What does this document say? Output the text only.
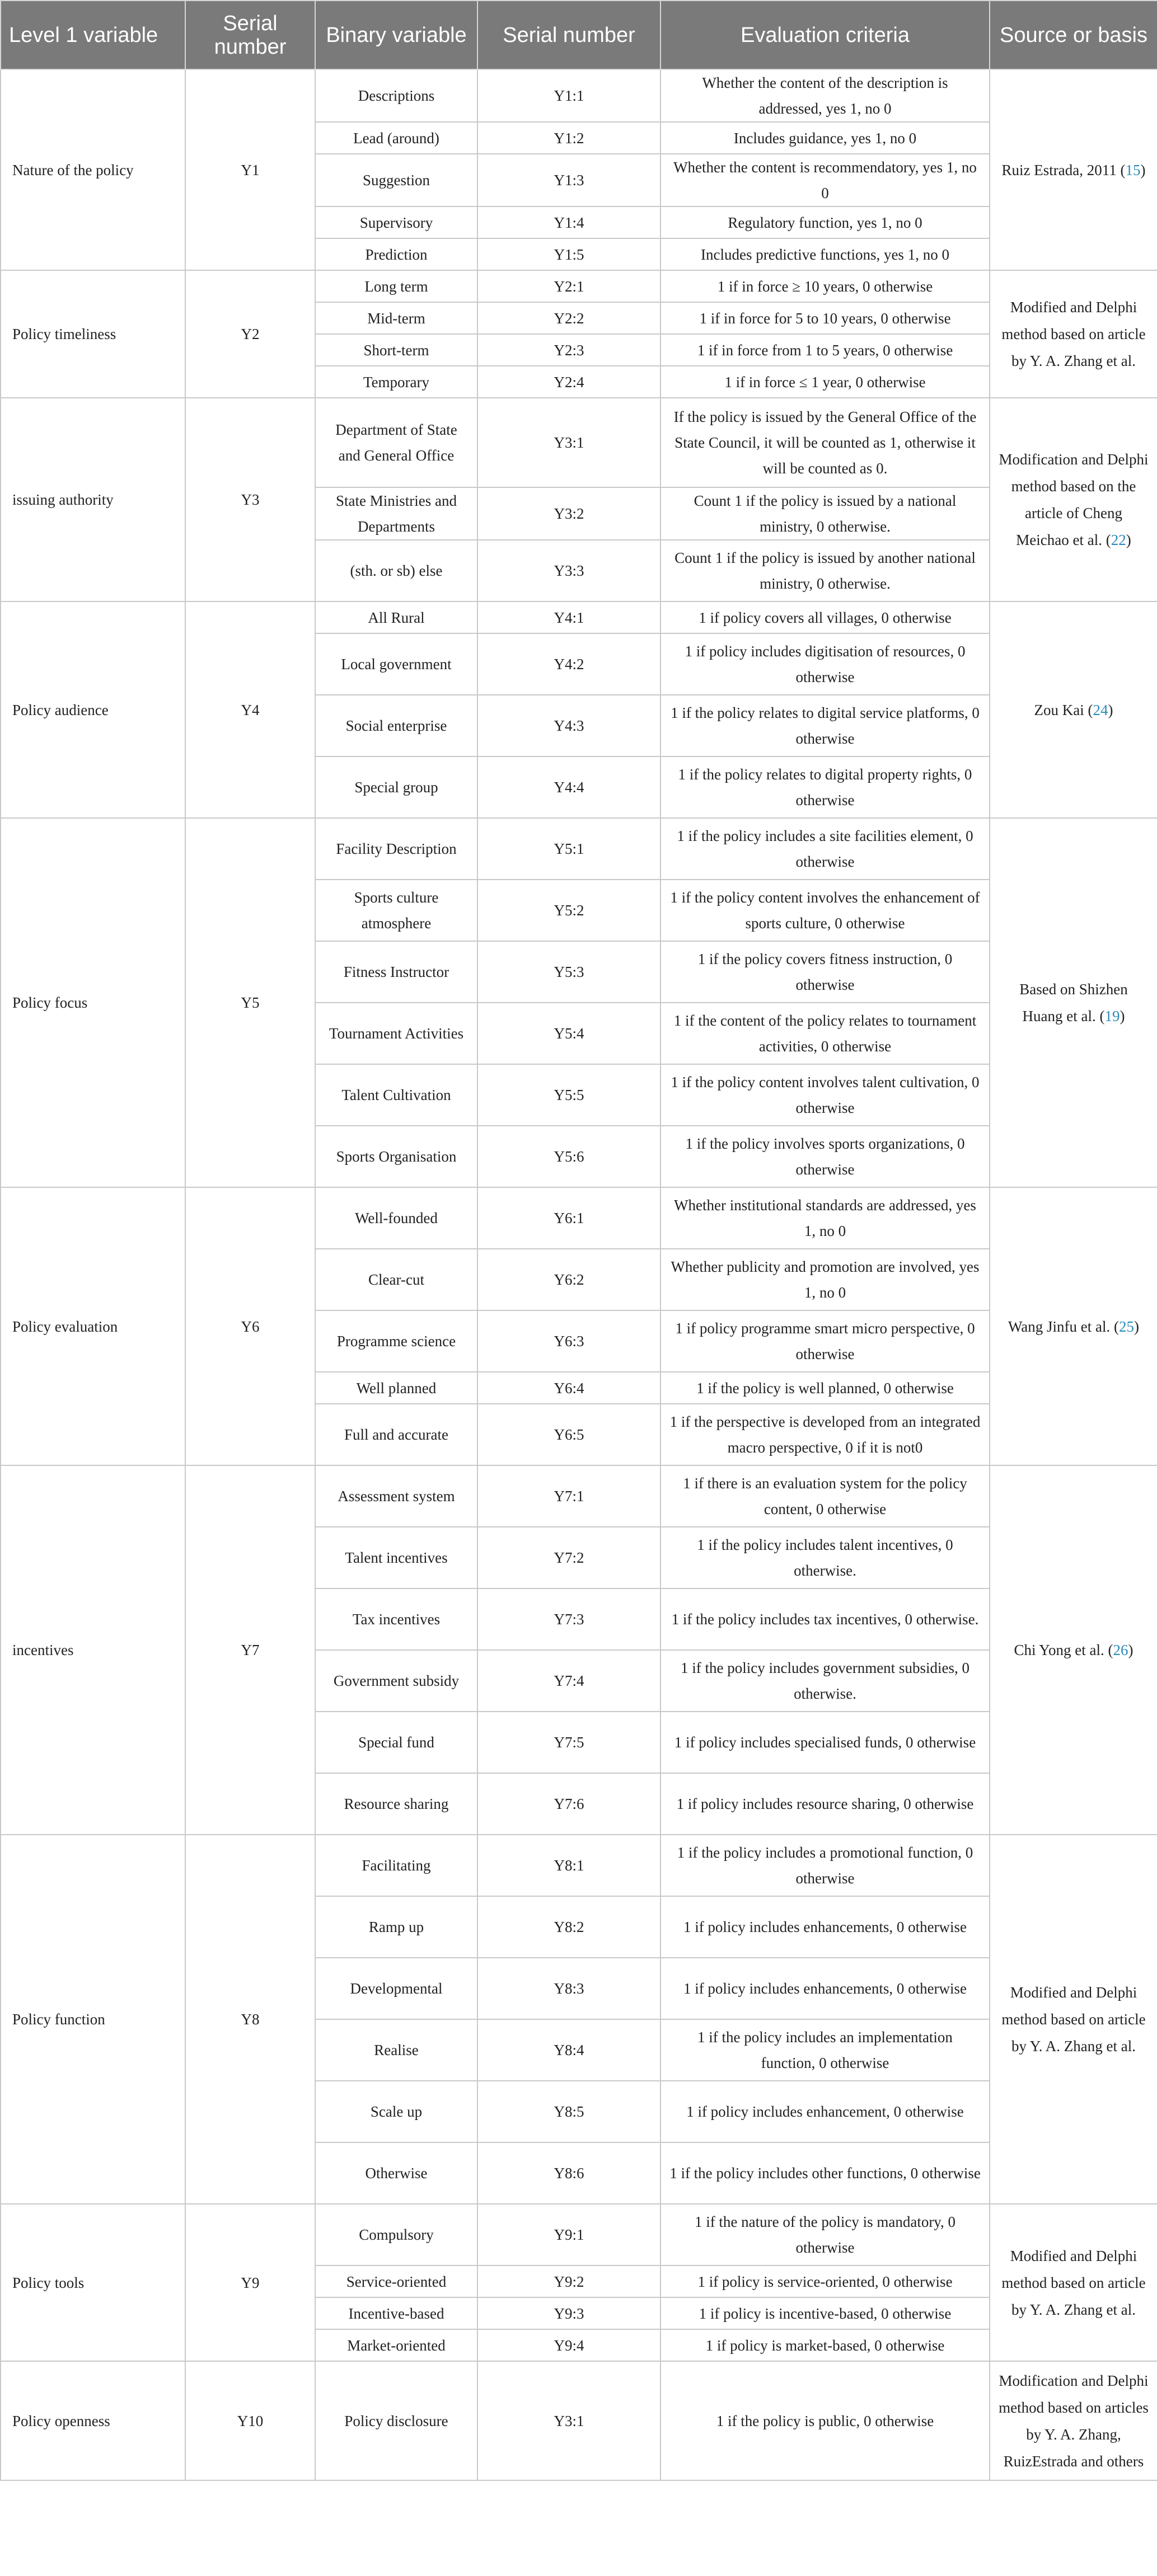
Level 1 variable	Serial number	Binary variable	Serial number	Evaluation criteria	Source or basis
Nature of the policy	Y1	Descriptions	Y1:1	Whether the content of the description is addressed, yes 1, no 0	Ruiz Estrada, 2011 (15)
		Lead (around)	Y1:2	Includes guidance, yes 1, no 0	
		Suggestion	Y1:3	Whether the content is recommendatory, yes 1, no 0	
		Supervisory	Y1:4	Regulatory function, yes 1, no 0	
		Prediction	Y1:5	Includes predictive functions, yes 1, no 0	
Policy timeliness	Y2	Long term	Y2:1	1 if in force ≥ 10 years, 0 otherwise	Modified and Delphi method based on article by Y. A. Zhang et al.
		Mid-term	Y2:2	1 if in force for 5 to 10 years, 0 otherwise	
		Short-term	Y2:3	1 if in force from 1 to 5 years, 0 otherwise	
		Temporary	Y2:4	1 if in force ≤ 1 year, 0 otherwise	
issuing authority	Y3	Department of State and General Office	Y3:1	If the policy is issued by the General Office of the State Council, it will be counted as 1, otherwise it will be counted as 0.	Modification and Delphi method based on the article of Cheng Meichao et al. (22)
		State Ministries and Departments	Y3:2	Count 1 if the policy is issued by a national ministry, 0 otherwise.	
		(sth. or sb) else	Y3:3	Count 1 if the policy is issued by another national ministry, 0 otherwise.	
Policy audience	Y4	All Rural	Y4:1	1 if policy covers all villages, 0 otherwise	Zou Kai (24)
		Local government	Y4:2	1 if policy includes digitisation of resources, 0 otherwise	
		Social enterprise	Y4:3	1 if the policy relates to digital service platforms, 0 otherwise	
		Special group	Y4:4	1 if the policy relates to digital property rights, 0 otherwise	
Policy focus	Y5	Facility Description	Y5:1	1 if the policy includes a site facilities element, 0 otherwise	Based on Shizhen Huang et al. (19)
		Sports culture atmosphere	Y5:2	1 if the policy content involves the enhancement of sports culture, 0 otherwise	
		Fitness Instructor	Y5:3	1 if the policy covers fitness instruction, 0 otherwise	
		Tournament Activities	Y5:4	1 if the content of the policy relates to tournament activities, 0 otherwise	
		Talent Cultivation	Y5:5	1 if the policy content involves talent cultivation, 0 otherwise	
		Sports Organisation	Y5:6	1 if the policy involves sports organizations, 0 otherwise	
Policy evaluation	Y6	Well-founded	Y6:1	Whether institutional standards are addressed, yes 1, no 0	Wang Jinfu et al. (25)
		Clear-cut	Y6:2	Whether publicity and promotion are involved, yes 1, no 0	
		Programme science	Y6:3	1 if policy programme smart micro perspective, 0 otherwise	
		Well planned	Y6:4	1 if the policy is well planned, 0 otherwise	
		Full and accurate	Y6:5	1 if the perspective is developed from an integrated macro perspective, 0 if it is not0	
incentives	Y7	Assessment system	Y7:1	1 if there is an evaluation system for the policy content, 0 otherwise	Chi Yong et al. (26)
		Talent incentives	Y7:2	1 if the policy includes talent incentives, 0 otherwise.	
		Tax incentives	Y7:3	1 if the policy includes tax incentives, 0 otherwise.	
		Government subsidy	Y7:4	1 if the policy includes government subsidies, 0 otherwise.	
		Special fund	Y7:5	1 if policy includes specialised funds, 0 otherwise	
		Resource sharing	Y7:6	1 if policy includes resource sharing, 0 otherwise	
Policy function	Y8	Facilitating	Y8:1	1 if the policy includes a promotional function, 0 otherwise	Modified and Delphi method based on article by Y. A. Zhang et al.
		Ramp up	Y8:2	1 if policy includes enhancements, 0 otherwise	
		Developmental	Y8:3	1 if policy includes enhancements, 0 otherwise	
		Realise	Y8:4	1 if the policy includes an implementation function, 0 otherwise	
		Scale up	Y8:5	1 if policy includes enhancement, 0 otherwise	
		Otherwise	Y8:6	1 if the policy includes other functions, 0 otherwise	
Policy tools	Y9	Compulsory	Y9:1	1 if the nature of the policy is mandatory, 0 otherwise	Modified and Delphi method based on article by Y. A. Zhang et al.
		Service-oriented	Y9:2	1 if policy is service-oriented, 0 otherwise	
		Incentive-based	Y9:3	1 if policy is incentive-based, 0 otherwise	
		Market-oriented	Y9:4	1 if policy is market-based, 0 otherwise	
Policy openness	Y10	Policy disclosure	Y3:1	1 if the policy is public, 0 otherwise	Modification and Delphi method based on articles by Y. A. Zhang, RuizEstrada and others
